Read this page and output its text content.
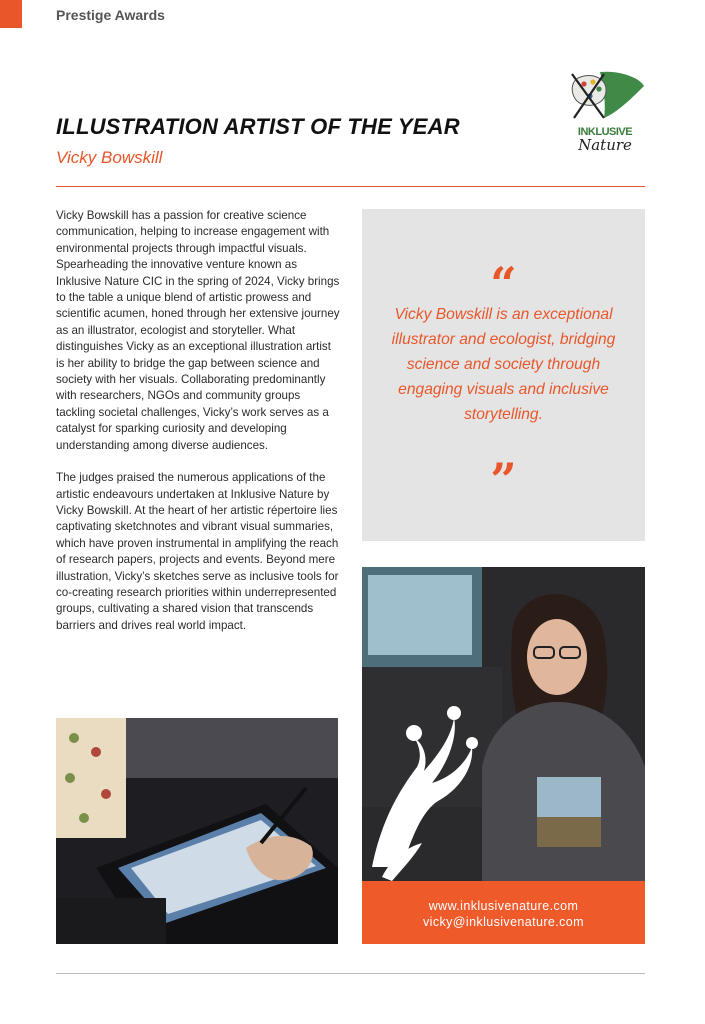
Prestige Awards
INKLUSIVE
Nature
ILLUSTRATION ARTIST OF THE YEAR
Vicky Bowskill

Vicky Bowskill has a passion for creative science communication, helping to increase engagement with environmental projects through impactful visuals. Spearheading the innovative venture known as Inklusive Nature CIC in the spring of 2024, Vicky brings to the table a unique blend of artistic prowess and scientific acumen, honed through her extensive journey as an illustrator, ecologist and storyteller. What distinguishes Vicky as an exceptional illustration artist is her ability to bridge the gap between science and society with her visuals. Collaborating predominantly with researchers, NGOs and community groups tackling societal challenges, Vicky’s work serves as a catalyst for sparking curiosity and developing understanding among diverse audiences.

The judges praised the numerous applications of the artistic endeavours undertaken at Inklusive Nature by Vicky Bowskill. At the heart of her artistic répertoire lies captivating sketchnotes and vibrant visual summaries, which have proven instrumental in amplifying the reach of research papers, projects and events. Beyond mere illustration, Vicky’s sketches serve as inclusive tools for co-creating research priorities within underrepresented groups, cultivating a shared vision that transcends barriers and drives real world impact.

“
Vicky Bowskill is an exceptional illustrator and ecologist, bridging science and society through engaging visuals and inclusive storytelling.
”
www.inklusivenature.com
vicky@inklusivenature.com
